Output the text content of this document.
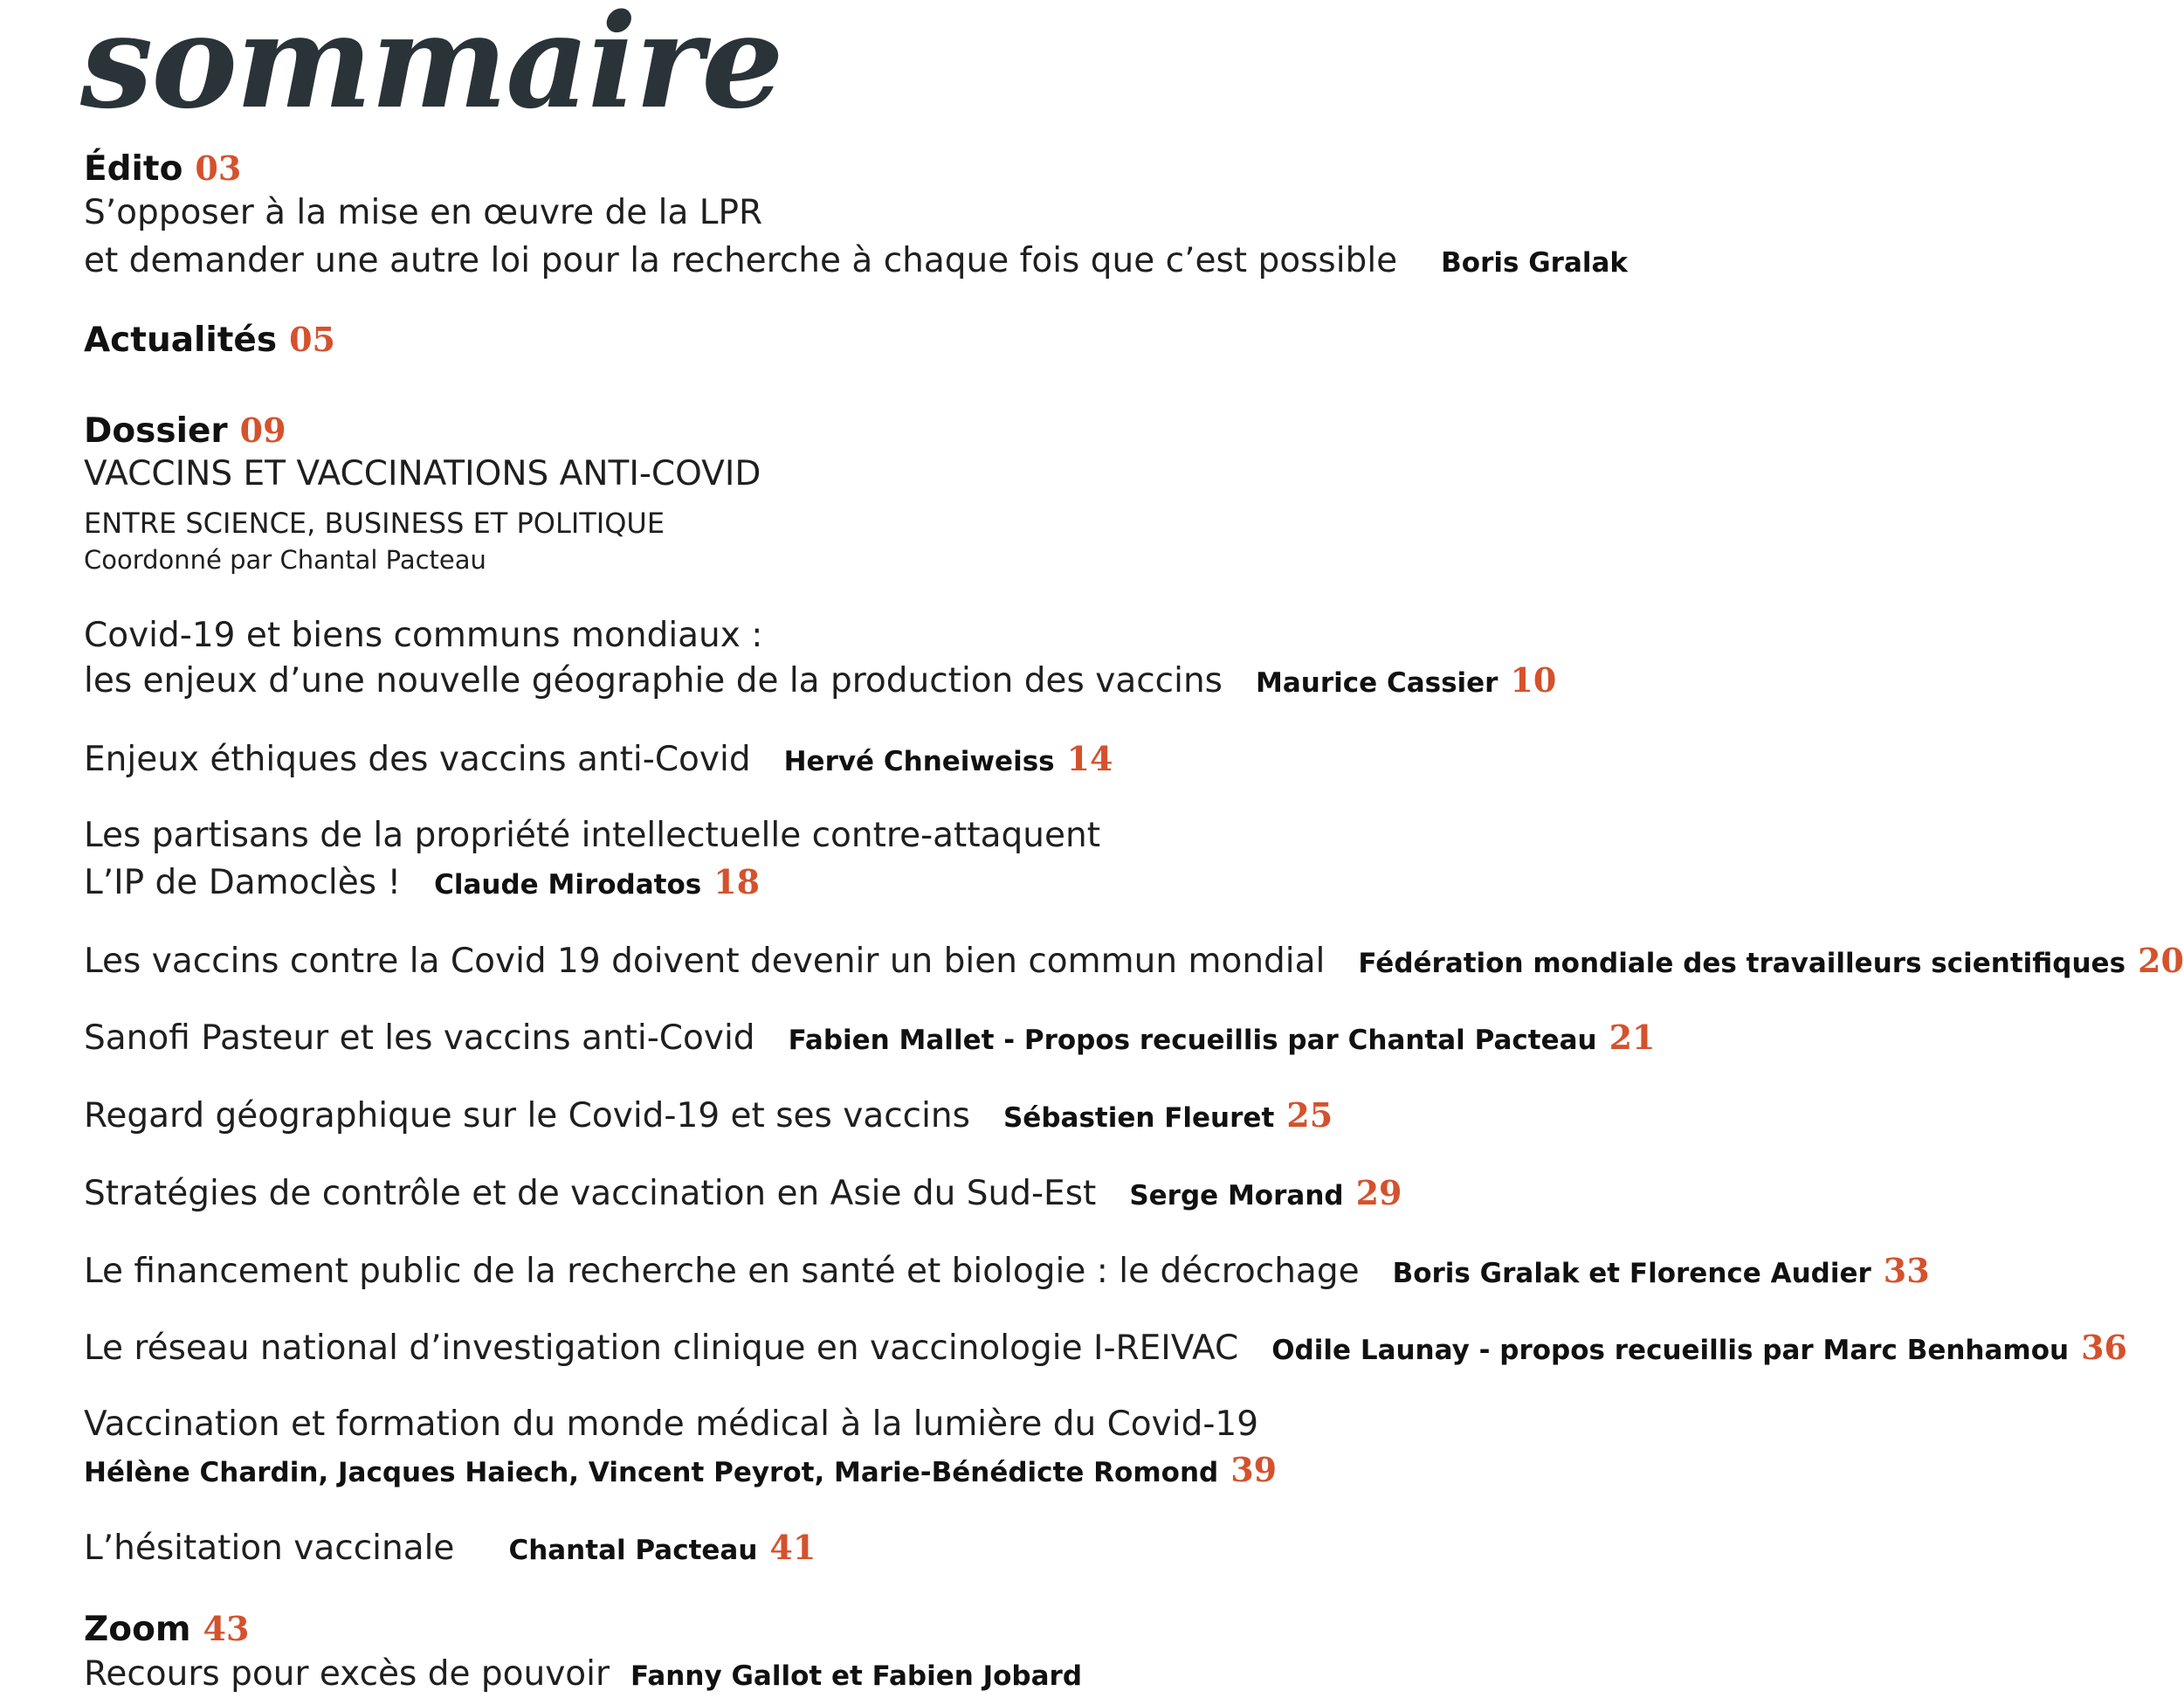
sommaire
Édito 03
S’opposer à la mise en œuvre de la LPR
et demander une autre loi pour la recherche à chaque fois que c’est possible Boris Gralak
Actualités 05
Dossier 09
VACCINS ET VACCINATIONS ANTI-COVID
ENTRE SCIENCE, BUSINESS ET POLITIQUE
Coordonné par Chantal Pacteau
Covid-19 et biens communs mondiaux :
les enjeux d’une nouvelle géographie de la production des vaccins Maurice Cassier 10
Enjeux éthiques des vaccins anti-Covid Hervé Chneiweiss 14
Les partisans de la propriété intellectuelle contre-attaquent
L’IP de Damoclès ! Claude Mirodatos 18
Les vaccins contre la Covid 19 doivent devenir un bien commun mondial Fédération mondiale des travailleurs scientifiques 20
Sanofi Pasteur et les vaccins anti-Covid Fabien Mallet - Propos recueillis par Chantal Pacteau 21
Regard géographique sur le Covid-19 et ses vaccins Sébastien Fleuret 25
Stratégies de contrôle et de vaccination en Asie du Sud-Est Serge Morand 29
Le financement public de la recherche en santé et biologie : le décrochage Boris Gralak et Florence Audier 33
Le réseau national d’investigation clinique en vaccinologie I-REIVAC Odile Launay - propos recueillis par Marc Benhamou 36
Vaccination et formation du monde médical à la lumière du Covid-19
Hélène Chardin, Jacques Haiech, Vincent Peyrot, Marie-Bénédicte Romond 39
L’hésitation vaccinale Chantal Pacteau 41
Zoom 43
Recours pour excès de pouvoir Fanny Gallot et Fabien Jobard
